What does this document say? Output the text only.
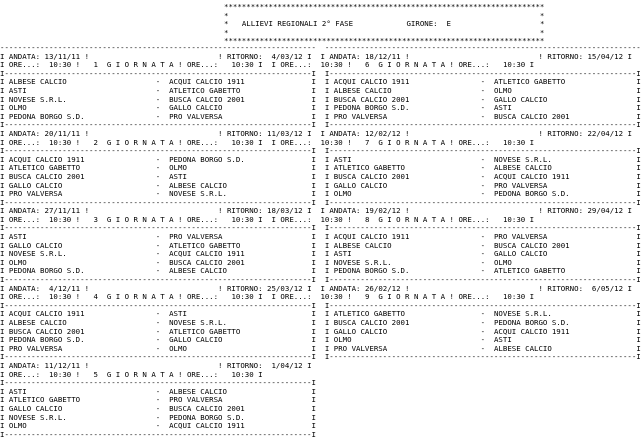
************************************************************************
*                                                                      *
*   ALLIEVI REGIONALI 2° FASE	GIRONE: E	*
*                                                                      *
************************************************************************
----------------------------------------------------------------------- -----------------------------------------------------------------------
I ANDATA: 13/11/11 !                             ! RITORNO:  4/03/12 I I ANDATA: 18/12/11 !                             ! RITORNO: 15/04/12 I
I ORE...: 10:30 !   1 G I O R N A T A ! ORE...: 10:30 I I ORE...: 10:30 !   6 G I O R N A T A ! ORE...: 10:30 I
I---------------------------------------------------------------------I I---------------------------------------------------------------------I
I ALBESE CALCIO                    -  ACQUI CALCIO 1911               I I ACQUI CALCIO 1911                -  ATLETICO GABETTO                I
I ASTI                             -  ATLETICO GABETTO                I I ALBESE CALCIO                    -  OLMO                            I
I NOVESE S.R.L.                    -  BUSCA CALCIO 2001               I I BUSCA CALCIO 2001                -  GALLO CALCIO                    I
I OLMO                             -  GALLO CALCIO                    I I PEDONA BORGO S.D.                -  ASTI                            I
I PEDONA BORGO S.D.                -  PRO VALVERSA                    I I PRO VALVERSA                     -  BUSCA CALCIO 2001               I
I---------------------------------------------------------------------I I---------------------------------------------------------------------I
I ANDATA: 20/11/11 !                             ! RITORNO: 11/03/12 I I ANDATA: 12/02/12 !                             ! RITORNO: 22/04/12 I
I ORE...: 10:30 !   2 G I O R N A T A ! ORE...: 10:30 I I ORE...: 10:30 !   7 G I O R N A T A ! ORE...: 10:30 I
I---------------------------------------------------------------------I I---------------------------------------------------------------------I
I ACQUI CALCIO 1911                -  PEDONA BORGO S.D.               I I ASTI                             -  NOVESE S.R.L.                   I
I ATLETICO GABETTO                 -  OLMO                            I I ATLETICO GABETTO                 -  ALBESE CALCIO                   I
I BUSCA CALCIO 2001                -  ASTI                            I I BUSCA CALCIO 2001                -  ACQUI CALCIO 1911               I
I GALLO CALCIO                     -  ALBESE CALCIO                   I I GALLO CALCIO                     -  PRO VALVERSA                    I
I PRO VALVERSA                     -  NOVESE S.R.L.                   I I OLMO                             -  PEDONA BORGO S.D.               I
I---------------------------------------------------------------------I I---------------------------------------------------------------------I
I ANDATA: 27/11/11 !                             ! RITORNO: 18/03/12 I I ANDATA: 19/02/12 !                             ! RITORNO: 29/04/12 I
I ORE...: 10:30 !   3 G I O R N A T A ! ORE...: 10:30 I I ORE...: 10:30 !   8 G I O R N A T A ! ORE...: 10:30 I
I---------------------------------------------------------------------I I---------------------------------------------------------------------I
I ASTI                             -  PRO VALVERSA                    I I ACQUI CALCIO 1911                -  PRO VALVERSA                    I
I GALLO CALCIO                     -  ATLETICO GABETTO                I I ALBESE CALCIO                    -  BUSCA CALCIO 2001               I
I NOVESE S.R.L.                    -  ACQUI CALCIO 1911               I I ASTI                             -  GALLO CALCIO                    I
I OLMO                             -  BUSCA CALCIO 2001               I I NOVESE S.R.L.                    -  OLMO                            I
I PEDONA BORGO S.D.                -  ALBESE CALCIO                   I I PEDONA BORGO S.D.                -  ATLETICO GABETTO                I
I---------------------------------------------------------------------I I---------------------------------------------------------------------I
I ANDATA:  4/12/11 !                             ! RITORNO: 25/03/12 I I ANDATA: 26/02/12 !                             ! RITORNO:  6/05/12 I
I ORE...: 10:30 !   4 G I O R N A T A ! ORE...: 10:30 I I ORE...: 10:30 !   9 G I O R N A T A ! ORE...: 10:30 I
I---------------------------------------------------------------------I I---------------------------------------------------------------------I
I ACQUI CALCIO 1911                -  ASTI                            I I ATLETICO GABETTO                 -  NOVESE S.R.L.                   I
I ALBESE CALCIO                    -  NOVESE S.R.L.                   I I BUSCA CALCIO 2001                -  PEDONA BORGO S.D.               I
I BUSCA CALCIO 2001                -  ATLETICO GABETTO                I I GALLO CALCIO                     -  ACQUI CALCIO 1911               I
I PEDONA BORGO S.D.                -  GALLO CALCIO                    I I OLMO                             -  ASTI                            I
I PRO VALVERSA                     -  OLMO                            I I PRO VALVERSA                     -  ALBESE CALCIO                   I
I---------------------------------------------------------------------I I---------------------------------------------------------------------I
I ANDATA: 11/12/11 !                             ! RITORNO:  1/04/12 I
I ORE...: 10:30 !   5 G I O R N A T A ! ORE...: 10:30 I
I---------------------------------------------------------------------I
I ASTI                             -  ALBESE CALCIO                   I
I ATLETICO GABETTO                 -  PRO VALVERSA                    I
I GALLO CALCIO                     -  BUSCA CALCIO 2001               I
I NOVESE S.R.L.                    -  PEDONA BORGO S.D.               I
I OLMO                             -  ACQUI CALCIO 1911               I
I---------------------------------------------------------------------I
